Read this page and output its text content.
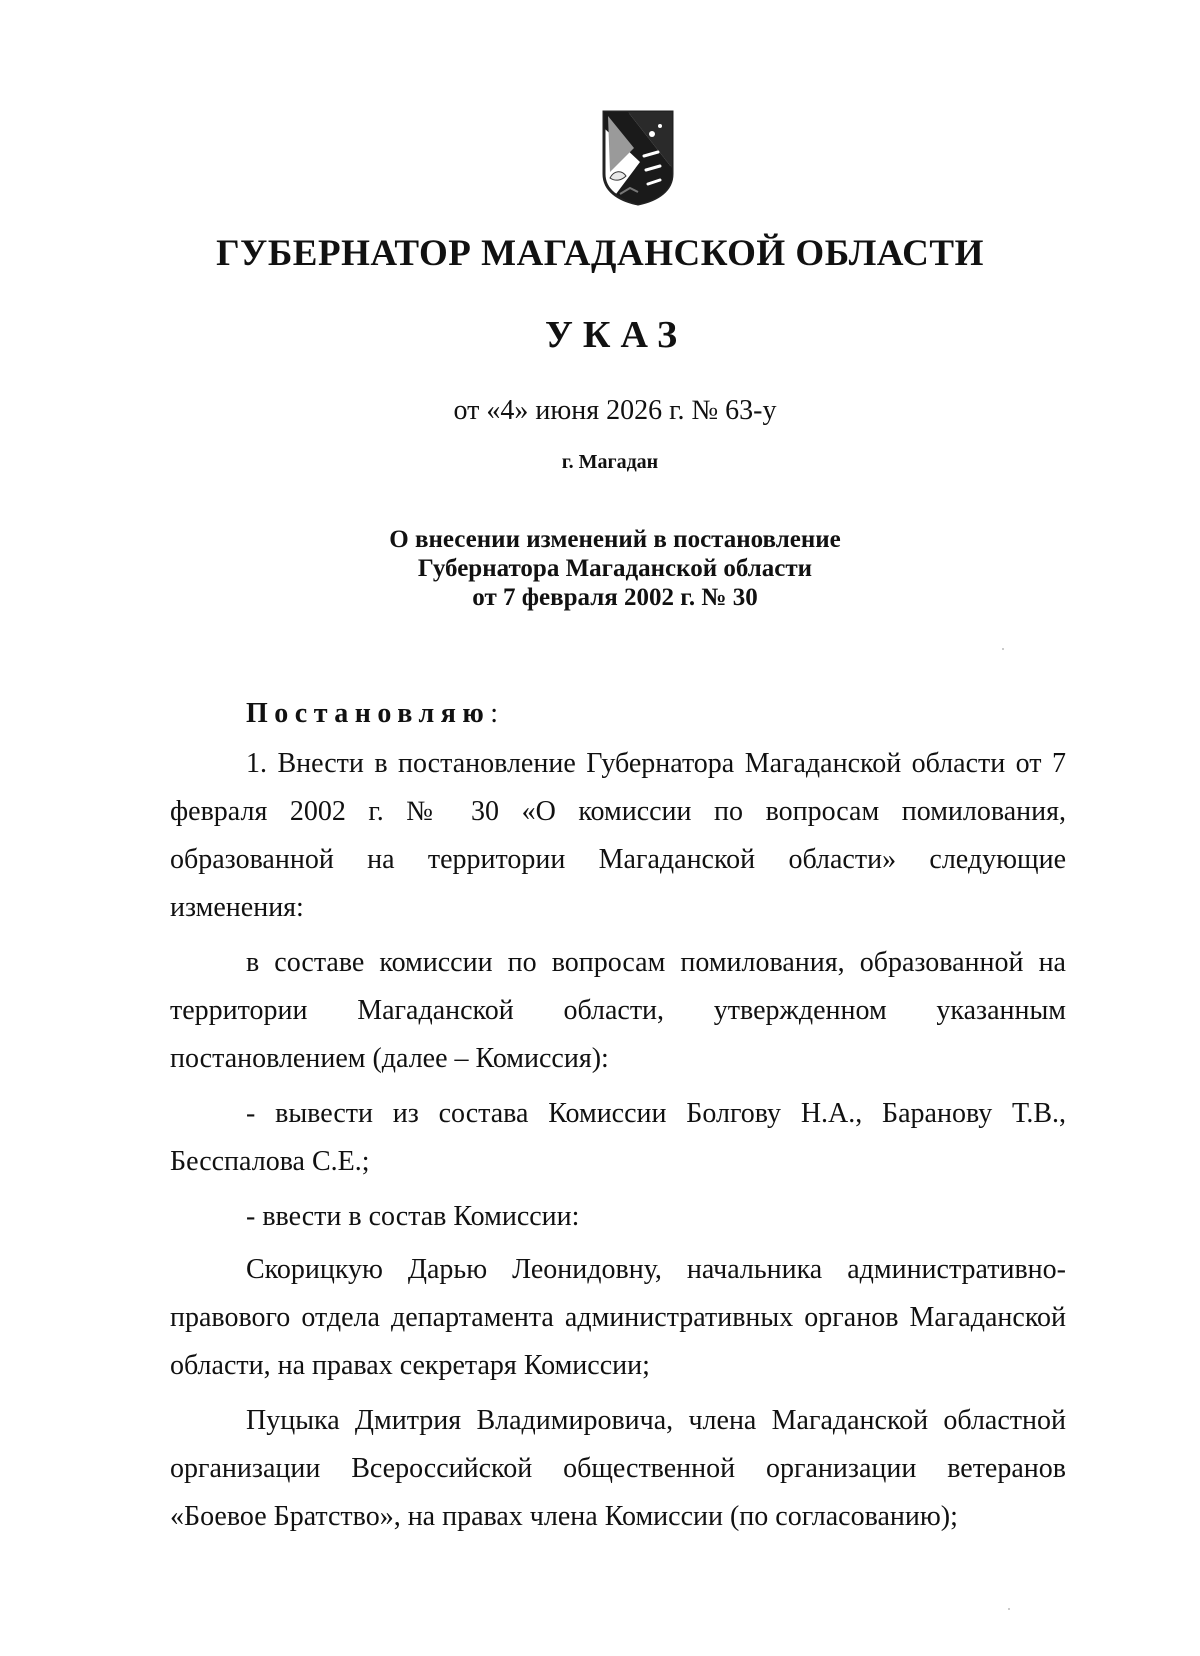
ГУБЕРНАТОР МАГАДАНСКОЙ ОБЛАСТИ
УКАЗ
от «4» июня 2026 г. № 63-у
г. Магадан
О внесении изменений в постановление
Губернатора Магаданской области
от 7 февраля 2002 г. № 30
Постановляю:

1. Внести в постановление Губернатора Магаданской области от 7 февраля 2002 г. № 30 «О комиссии по вопросам помилования, образованной на территории Магаданской области» следующие изменения:

в составе комиссии по вопросам помилования, образованной на территории Магаданской области, утвержденном указанным постановлением (далее – Комиссия):

- вывести из состава Комиссии Болгову Н.А., Баранову Т.В., Бесспалова С.Е.;

- ввести в состав Комиссии:

Скорицкую Дарью Леонидовну, начальника административно-правового отдела департамента административных органов Магаданской области, на правах секретаря Комиссии;

Пуцыка Дмитрия Владимировича, члена Магаданской областной организации Всероссийской общественной организации ветеранов «Боевое Братство», на правах члена Комиссии (по согласованию);
